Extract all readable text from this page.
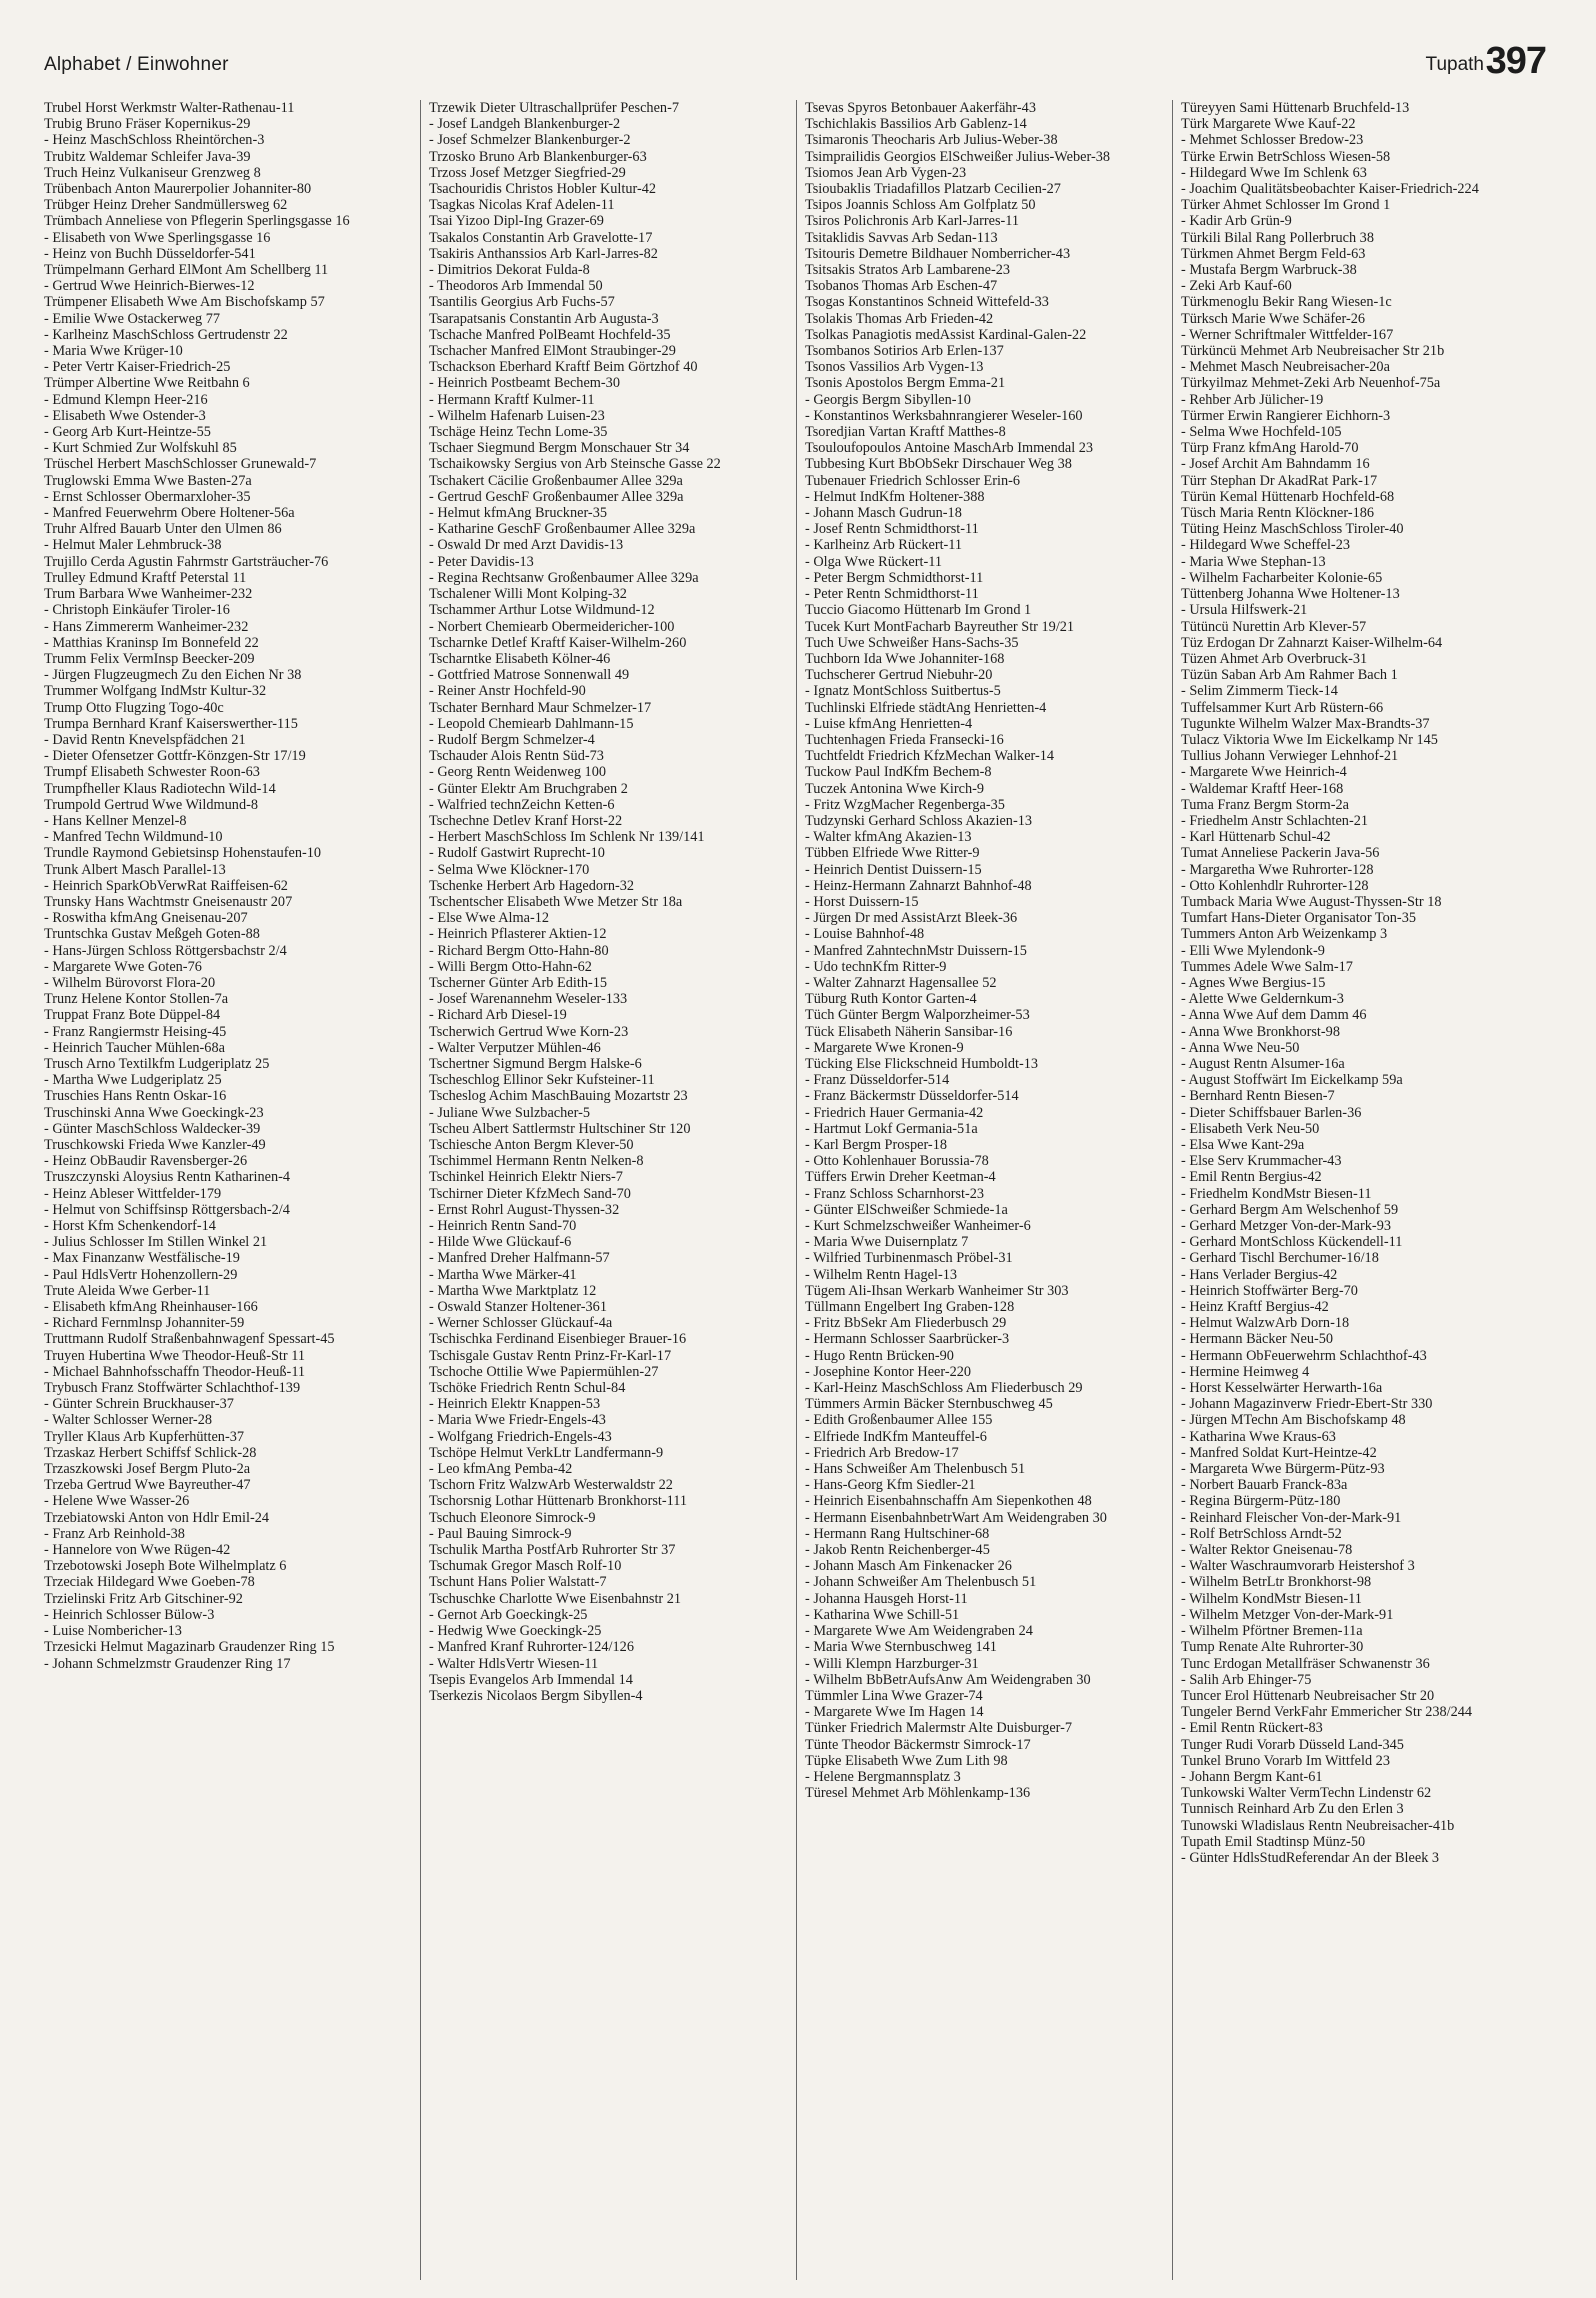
Alphabet / Einwohner	Tupath 397
Trubel Horst Werkmstr Walter-Rathenau-11
Trubig Bruno Fräser Kopernikus-29
- Heinz MaschSchloss Rheintörchen-3
Trubitz Waldemar Schleifer Java-39
Truch Heinz Vulkaniseur Grenzweg 8
Trübenbach Anton Maurerpolier Johanniter-80
Trübger Heinz Dreher Sandmüllersweg 62
Trümbach Anneliese von Pflegerin Sperlingsgasse 16
- Elisabeth von Wwe Sperlingsgasse 16
- Heinz von Buchh Düsseldorfer-541
Trümpelmann Gerhard ElMont Am Schellberg 11
- Gertrud Wwe Heinrich-Bierwes-12
Trümpener Elisabeth Wwe Am Bischofskamp 57
- Emilie Wwe Ostackerweg 77
- Karlheinz MaschSchloss Gertrudenstr 22
- Maria Wwe Krüger-10
- Peter Vertr Kaiser-Friedrich-25
Trümper Albertine Wwe Reitbahn 6
- Edmund Klempn Heer-216
- Elisabeth Wwe Ostender-3
- Georg Arb Kurt-Heintze-55
- Kurt Schmied Zur Wolfskuhl 85
Trüschel Herbert MaschSchlosser Grunewald-7
Truglowski Emma Wwe Basten-27a
- Ernst Schlosser Obermarxloher-35
- Manfred Feuerwehrm Obere Holtener-56a
Truhr Alfred Bauarb Unter den Ulmen 86
- Helmut Maler Lehmbruck-38
Trujillo Cerda Agustin Fahrmstr Gartsträucher-76
Trulley Edmund Kraftf Peterstal 11
Trum Barbara Wwe Wanheimer-232
- Christoph Einkäufer Tiroler-16
- Hans Zimmererm Wanheimer-232
- Matthias Kraninsp Im Bonnefeld 22
Trumm Felix VermInsp Beecker-209
- Jürgen Flugzeugmech Zu den Eichen Nr 38
Trummer Wolfgang IndMstr Kultur-32
Trump Otto Flugzing Togo-40c
Trumpa Bernhard Kranf Kaiserswerther-115
- David Rentn Knevelspfädchen 21
- Dieter Ofensetzer Gottfr-Könzgen-Str 17/19
Trumpf Elisabeth Schwester Roon-63
Trumpfheller Klaus Radiotechn Wild-14
Trumpold Gertrud Wwe Wildmund-8
- Hans Kellner Menzel-8
- Manfred Techn Wildmund-10
Trundle Raymond Gebietsinsp Hohenstaufen-10
Trunk Albert Masch Parallel-13
- Heinrich SparkObVerwRat Raiffeisen-62
Trunsky Hans Wachtmstr Gneisenaustr 207
- Roswitha kfmAng Gneisenau-207
Truntschka Gustav Meßgeh Goten-88
- Hans-Jürgen Schloss Röttgersbachstr 2/4
- Margarete Wwe Goten-76
- Wilhelm Bürovorst Flora-20
Trunz Helene Kontor Stollen-7a
Truppat Franz Bote Düppel-84
- Franz Rangiermstr Heising-45
- Heinrich Taucher Mühlen-68a
Trusch Arno Textilkfm Ludgeriplatz 25
- Martha Wwe Ludgeriplatz 25
Truschies Hans Rentn Oskar-16
Truschinski Anna Wwe Goeckingk-23
- Günter MaschSchloss Waldecker-39
Truschkowski Frieda Wwe Kanzler-49
- Heinz ObBaudir Ravensberger-26
Truszczynski Aloysius Rentn Katharinen-4
- Heinz Ableser Wittfelder-179
- Helmut von Schiffsinsp Röttgersbach-2/4
- Horst Kfm Schenkendorf-14
- Julius Schlosser Im Stillen Winkel 21
- Max Finanzanw Westfälische-19
- Paul HdlsVertr Hohenzollern-29
Trute Aleida Wwe Gerber-11
- Elisabeth kfmAng Rheinhauser-166
- Richard Fernmlnsp Johanniter-59
Truttmann Rudolf Straßenbahnwagenf Spessart-45
Truyen Hubertina Wwe Theodor-Heuß-Str 11
- Michael Bahnhofsschaffn Theodor-Heuß-11
Trybusch Franz Stoffwärter Schlachthof-139
- Günter Schrein Bruckhauser-37
- Walter Schlosser Werner-28
Tryller Klaus Arb Kupferhütten-37
Trzaskaz Herbert Schiffsf Schlick-28
Trzaszkowski Josef Bergm Pluto-2a
Trzeba Gertrud Wwe Bayreuther-47
- Helene Wwe Wasser-26
Trzebiatowski Anton von Hdlr Emil-24
- Franz Arb Reinhold-38
- Hannelore von Wwe Rügen-42
Trzebotowski Joseph Bote Wilhelmplatz 6
Trzeciak Hildegard Wwe Goeben-78
Trzielinski Fritz Arb Gitschiner-92
- Heinrich Schlosser Bülow-3
- Luise Nombericher-13
Trzesicki Helmut Magazinarb Graudenzer Ring 15
- Johann Schmelzmstr Graudenzer Ring 17
Trzewik Dieter Ultraschallprüfer Peschen-7
- Josef Landgeh Blankenburger-2
- Josef Schmelzer Blankenburger-2
Trzosko Bruno Arb Blankenburger-63
Trzoss Josef Metzger Siegfried-29
Tsachouridis Christos Hobler Kultur-42
Tsagkas Nicolas Kraf Adelen-11
Tsai Yizoo Dipl-Ing Grazer-69
Tsakalos Constantin Arb Gravelotte-17
Tsakiris Anthanssios Arb Karl-Jarres-82
- Dimitrios Dekorat Fulda-8
- Theodoros Arb Immendal 50
Tsantilis Georgius Arb Fuchs-57
Tsarapatsanis Constantin Arb Augusta-3
Tschache Manfred PolBeamt Hochfeld-35
Tschacher Manfred ElMont Straubinger-29
Tschackson Eberhard Kraftf Beim Görtzhof 40
- Heinrich Postbeamt Bechem-30
- Hermann Kraftf Kulmer-11
- Wilhelm Hafenarb Luisen-23
Tschäge Heinz Techn Lome-35
Tschaer Siegmund Bergm Monschauer Str 34
Tschaikowsky Sergius von Arb Steinsche Gasse 22
Tschakert Cäcilie Großenbaumer Allee 329a
- Gertrud GeschF Großenbaumer Allee 329a
- Helmut kfmAng Bruckner-35
- Katharine GeschF Großenbaumer Allee 329a
- Oswald Dr med Arzt Davidis-13
- Peter Davidis-13
- Regina Rechtsanw Großenbaumer Allee 329a
Tschalener Willi Mont Kolping-32
Tschammer Arthur Lotse Wildmund-12
- Norbert Chemiearb Obermeidericher-100
Tscharnke Detlef Kraftf Kaiser-Wilhelm-260
Tscharntke Elisabeth Kölner-46
- Gottfried Matrose Sonnenwall 49
- Reiner Anstr Hochfeld-90
Tschater Bernhard Maur Schmelzer-17
- Leopold Chemiearb Dahlmann-15
- Rudolf Bergm Schmelzer-4
Tschauder Alois Rentn Süd-73
- Georg Rentn Weidenweg 100
- Günter Elektr Am Bruchgraben 2
- Walfried technZeichn Ketten-6
Tschechne Detlev Kranf Horst-22
- Herbert MaschSchloss Im Schlenk Nr 139/141
- Rudolf Gastwirt Ruprecht-10
- Selma Wwe Klöckner-170
Tschenke Herbert Arb Hagedorn-32
Tschentscher Elisabeth Wwe Metzer Str 18a
- Else Wwe Alma-12
- Heinrich Pflasterer Aktien-12
- Richard Bergm Otto-Hahn-80
- Willi Bergm Otto-Hahn-62
Tscherner Günter Arb Edith-15
- Josef Warenannehm Weseler-133
- Richard Arb Diesel-19
Tscherwich Gertrud Wwe Korn-23
- Walter Verputzer Mühlen-46
Tschertner Sigmund Bergm Halske-6
Tscheschlog Ellinor Sekr Kufsteiner-11
Tscheslog Achim MaschBauing Mozartstr 23
- Juliane Wwe Sulzbacher-5
Tscheu Albert Sattlermstr Hultschiner Str 120
Tschiesche Anton Bergm Klever-50
Tschimmel Hermann Rentn Nelken-8
Tschinkel Heinrich Elektr Niers-7
Tschirner Dieter KfzMech Sand-70
- Ernst Rohrl August-Thyssen-32
- Heinrich Rentn Sand-70
- Hilde Wwe Glückauf-6
- Manfred Dreher Halfmann-57
- Martha Wwe Märker-41
- Martha Wwe Marktplatz 12
- Oswald Stanzer Holtener-361
- Werner Schlosser Glückauf-4a
Tschischka Ferdinand Eisenbieger Brauer-16
Tschisgale Gustav Rentn Prinz-Fr-Karl-17
Tschoche Ottilie Wwe Papiermühlen-27
Tschöke Friedrich Rentn Schul-84
- Heinrich Elektr Knappen-53
- Maria Wwe Friedr-Engels-43
- Wolfgang Friedrich-Engels-43
Tschöpe Helmut VerkLtr Landfermann-9
- Leo kfmAng Pemba-42
Tschorn Fritz WalzwArb Westerwaldstr 22
Tschorsnig Lothar Hüttenarb Bronkhorst-111
Tschuch Eleonore Simrock-9
- Paul Bauing Simrock-9
Tschulik Martha PostfArb Ruhrorter Str 37
Tschumak Gregor Masch Rolf-10
Tschunt Hans Polier Walstatt-7
Tschuschke Charlotte Wwe Eisenbahnstr 21
- Gernot Arb Goeckingk-25
- Hedwig Wwe Goeckingk-25
- Manfred Kranf Ruhrorter-124/126
- Walter HdlsVertr Wiesen-11
Tsepis Evangelos Arb Immendal 14
Tserkezis Nicolaos Bergm Sibyllen-4
Tsevas Spyros Betonbauer Aakerfähr-43
Tschichlakis Bassilios Arb Gablenz-14
Tsimaronis Theocharis Arb Julius-Weber-38
Tsimprailidis Georgios ElSchweißer Julius-Weber-38
Tsiomos Jean Arb Vygen-23
Tsioubaklis Triadafillos Platzarb Cecilien-27
Tsipos Joannis Schloss Am Golfplatz 50
Tsiros Polichronis Arb Karl-Jarres-11
Tsitaklidis Savvas Arb Sedan-113
Tsitouris Demetre Bildhauer Nomberricher-43
Tsitsakis Stratos Arb Lambarene-23
Tsobanos Thomas Arb Eschen-47
Tsogas Konstantinos Schneid Wittefeld-33
Tsolakis Thomas Arb Frieden-42
Tsolkas Panagiotis medAssist Kardinal-Galen-22
Tsombanos Sotirios Arb Erlen-137
Tsonos Vassilios Arb Vygen-13
Tsonis Apostolos Bergm Emma-21
- Georgis Bergm Sibyllen-10
- Konstantinos Werksbahnrangierer Weseler-160
Tsoredjian Vartan Kraftf Matthes-8
Tsouloufopoulos Antoine MaschArb Immendal 23
Tubbesing Kurt BbObSekr Dirschauer Weg 38
Tubenauer Friedrich Schlosser Erin-6
- Helmut IndKfm Holtener-388
- Johann Masch Gudrun-18
- Josef Rentn Schmidthorst-11
- Karlheinz Arb Rückert-11
- Olga Wwe Rückert-11
- Peter Bergm Schmidthorst-11
- Peter Rentn Schmidthorst-11
Tuccio Giacomo Hüttenarb Im Grond 1
Tucek Kurt MontFacharb Bayreuther Str 19/21
Tuch Uwe Schweißer Hans-Sachs-35
Tuchborn Ida Wwe Johanniter-168
Tuchscherer Gertrud Niebuhr-20
- Ignatz MontSchloss Suitbertus-5
Tuchlinski Elfriede städtAng Henrietten-4
- Luise kfmAng Henrietten-4
Tuchtenhagen Frieda Fransecki-16
Tuchtfeldt Friedrich KfzMechan Walker-14
Tuckow Paul IndKfm Bechem-8
Tuczek Antonina Wwe Kirch-9
- Fritz WzgMacher Regenberga-35
Tudzynski Gerhard Schloss Akazien-13
- Walter kfmAng Akazien-13
Tübben Elfriede Wwe Ritter-9
- Heinrich Dentist Duissern-15
- Heinz-Hermann Zahnarzt Bahnhof-48
- Horst Duissern-15
- Jürgen Dr med AssistArzt Bleek-36
- Louise Bahnhof-48
- Manfred ZahntechnMstr Duissern-15
- Udo technKfm Ritter-9
- Walter Zahnarzt Hagensallee 52
Tüburg Ruth Kontor Garten-4
Tüch Günter Bergm Walporzheimer-53
Tück Elisabeth Näherin Sansibar-16
- Margarete Wwe Kronen-9
Tücking Else Flickschneid Humboldt-13
- Franz Düsseldorfer-514
- Franz Bäckermstr Düsseldorfer-514
- Friedrich Hauer Germania-42
- Hartmut Lokf Germania-51a
- Karl Bergm Prosper-18
- Otto Kohlenhauer Borussia-78
Tüffers Erwin Dreher Keetman-4
- Franz Schloss Scharnhorst-23
- Günter ElSchweißer Schmiede-1a
- Kurt Schmelzschweißer Wanheimer-6
- Maria Wwe Duisernplatz 7
- Wilfried Turbinenmasch Pröbel-31
- Wilhelm Rentn Hagel-13
Tügem Ali-Ihsan Werkarb Wanheimer Str 303
Tüllmann Engelbert Ing Graben-128
- Fritz BbSekr Am Fliederbusch 29
- Hermann Schlosser Saarbrücker-3
- Hugo Rentn Brücken-90
- Josephine Kontor Heer-220
- Karl-Heinz MaschSchloss Am Fliederbusch 29
Tümmers Armin Bäcker Sternbuschweg 45
- Edith Großenbaumer Allee 155
- Elfriede IndKfm Manteuffel-6
- Friedrich Arb Bredow-17
- Hans Schweißer Am Thelenbusch 51
- Hans-Georg Kfm Siedler-21
- Heinrich Eisenbahnschaffn Am Siepenkothen 48
- Hermann EisenbahnbetrWart Am Weidengraben 30
- Hermann Rang Hultschiner-68
- Jakob Rentn Reichenberger-45
- Johann Masch Am Finkenacker 26
- Johann Schweißer Am Thelenbusch 51
- Johanna Hausgeh Horst-11
- Katharina Wwe Schill-51
- Margarete Wwe Am Weidengraben 24
- Maria Wwe Sternbuschweg 141
- Willi Klempn Harzburger-31
- Wilhelm BbBetrAufsAnw Am Weidengraben 30
Tümmler Lina Wwe Grazer-74
- Margarete Wwe Im Hagen 14
Tünker Friedrich Malermstr Alte Duisburger-7
Tünte Theodor Bäckermstr Simrock-17
Tüpke Elisabeth Wwe Zum Lith 98
- Helene Bergmannsplatz 3
Türesel Mehmet Arb Möhlenkamp-136
Türeyyen Sami Hüttenarb Bruchfeld-13
Türk Margarete Wwe Kauf-22
- Mehmet Schlosser Bredow-23
Türke Erwin BetrSchloss Wiesen-58
- Hildegard Wwe Im Schlenk 63
- Joachim Qualitätsbeobachter Kaiser-Friedrich-224
Türker Ahmet Schlosser Im Grond 1
- Kadir Arb Grün-9
Türkili Bilal Rang Pollerbruch 38
Türkmen Ahmet Bergm Feld-63
- Mustafa Bergm Warbruck-38
- Zeki Arb Kauf-60
Türkmenoglu Bekir Rang Wiesen-1c
Türksch Marie Wwe Schäfer-26
- Werner Schriftmaler Wittfelder-167
Türküncü Mehmet Arb Neubreisacher Str 21b
- Mehmet Masch Neubreisacher-20a
Türkyilmaz Mehmet-Zeki Arb Neuenhof-75a
- Rehber Arb Jülicher-19
Türmer Erwin Rangierer Eichhorn-3
- Selma Wwe Hochfeld-105
Türp Franz kfmAng Harold-70
- Josef Archit Am Bahndamm 16
Türr Stephan Dr AkadRat Park-17
Türün Kemal Hüttenarb Hochfeld-68
Tüsch Maria Rentn Klöckner-186
Tüting Heinz MaschSchloss Tiroler-40
- Hildegard Wwe Scheffel-23
- Maria Wwe Stephan-13
- Wilhelm Facharbeiter Kolonie-65
Tüttenberg Johanna Wwe Holtener-13
- Ursula Hilfswerk-21
Tütüncü Nurettin Arb Klever-57
Tüz Erdogan Dr Zahnarzt Kaiser-Wilhelm-64
Tüzen Ahmet Arb Overbruck-31
Tüzün Saban Arb Am Rahmer Bach 1
- Selim Zimmerm Tieck-14
Tuffelsammer Kurt Arb Rüstern-66
Tugunkte Wilhelm Walzer Max-Brandts-37
Tulacz Viktoria Wwe Im Eickelkamp Nr 145
Tullius Johann Verwieger Lehnhof-21
- Margarete Wwe Heinrich-4
- Waldemar Kraftf Heer-168
Tuma Franz Bergm Storm-2a
- Friedhelm Anstr Schlachten-21
- Karl Hüttenarb Schul-42
Tumat Anneliese Packerin Java-56
- Margaretha Wwe Ruhrorter-128
- Otto Kohlenhdlr Ruhrorter-128
Tumback Maria Wwe August-Thyssen-Str 18
Tumfart Hans-Dieter Organisator Ton-35
Tummers Anton Arb Weizenkamp 3
- Elli Wwe Mylendonk-9
Tummes Adele Wwe Salm-17
- Agnes Wwe Bergius-15
- Alette Wwe Geldernkum-3
- Anna Wwe Auf dem Damm 46
- Anna Wwe Bronkhorst-98
- Anna Wwe Neu-50
- August Rentn Alsumer-16a
- August Stoffwärt Im Eickelkamp 59a
- Bernhard Rentn Biesen-7
- Dieter Schiffsbauer Barlen-36
- Elisabeth Verk Neu-50
- Elsa Wwe Kant-29a
- Else Serv Krummacher-43
- Emil Rentn Bergius-42
- Friedhelm KondMstr Biesen-11
- Gerhard Bergm Am Welschenhof 59
- Gerhard Metzger Von-der-Mark-93
- Gerhard MontSchloss Kückendell-11
- Gerhard Tischl Berchumer-16/18
- Hans Verlader Bergius-42
- Heinrich Stoffwärter Berg-70
- Heinz Kraftf Bergius-42
- Helmut WalzwArb Dorn-18
- Hermann Bäcker Neu-50
- Hermann ObFeuerwehrm Schlachthof-43
- Hermine Heimweg 4
- Horst Kesselwärter Herwarth-16a
- Johann Magazinverw Friedr-Ebert-Str 330
- Jürgen MTechn Am Bischofskamp 48
- Katharina Wwe Kraus-63
- Manfred Soldat Kurt-Heintze-42
- Margareta Wwe Bürgerm-Pütz-93
- Norbert Bauarb Franck-83a
- Regina Bürgerm-Pütz-180
- Reinhard Fleischer Von-der-Mark-91
- Rolf BetrSchloss Arndt-52
- Walter Rektor Gneisenau-78
- Walter Waschraumvorarb Heistershof 3
- Wilhelm BetrLtr Bronkhorst-98
- Wilhelm KondMstr Biesen-11
- Wilhelm Metzger Von-der-Mark-91
- Wilhelm Pförtner Bremen-11a
Tump Renate Alte Ruhrorter-30
Tunc Erdogan Metallfräser Schwanenstr 36
- Salih Arb Ehinger-75
Tuncer Erol Hüttenarb Neubreisacher Str 20
Tungeler Bernd VerkFahr Emmericher Str 238/244
- Emil Rentn Rückert-83
Tunger Rudi Vorarb Düsseld Land-345
Tunkel Bruno Vorarb Im Wittfeld 23
- Johann Bergm Kant-61
Tunkowski Walter VermTechn Lindenstr 62
Tunnisch Reinhard Arb Zu den Erlen 3
Tunowski Wladislaus Rentn Neubreisacher-41b
Tupath Emil Stadtinsp Münz-50
- Günter HdlsStudReferendar An der Bleek 3
